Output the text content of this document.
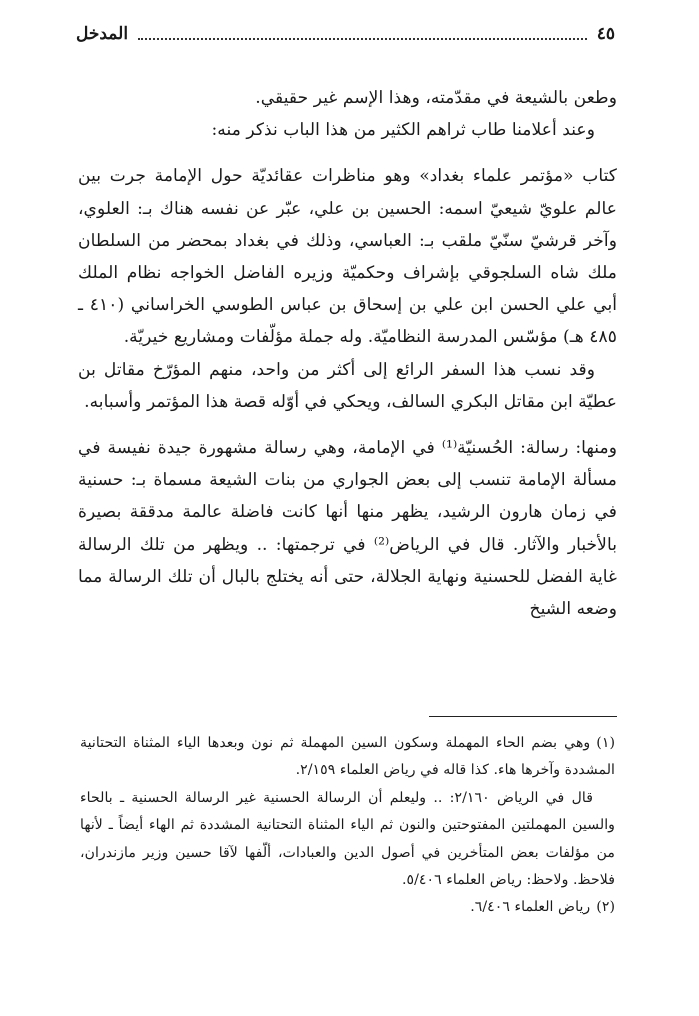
المدخل	٤٥

وطعن بالشيعة في مقدّمته، وهذا الإسم غير حقيقي.

وعند أعلامنا طاب ثراهم الكثير من هذا الباب نذكر منه:

كتاب «مؤتمر علماء بغداد» وهو مناظرات عقائديّة حول الإمامة جرت بين عالم علويّ شيعيّ اسمه: الحسين بن علي، عبّر عن نفسه هناك بـ: العلوي، وآخر قرشيّ سنّيّ ملقب بـ: العباسي، وذلك في بغداد بمحضر من السلطان ملك شاه السلجوقي بإشراف وحكميّة وزيره الفاضل الخواجه نظام الملك أبي علي الحسن ابن علي بن إسحاق بن عباس الطوسي الخراساني (٤١٠ ـ ٤٨٥ هـ) مؤسّس المدرسة النظاميّة. وله جملة مؤلّفات ومشاريع خيريّة.

وقد نسب هذا السفر الرائع إلى أكثر من واحد، منهم المؤرّخ مقاتل بن عطيّة ابن مقاتل البكري السالف، ويحكي في أوّله قصة هذا المؤتمر وأسبابه.

ومنها: رسالة: الحُسنيّة⁽¹⁾ في الإمامة، وهي رسالة مشهورة جيدة نفيسة في مسألة الإمامة تنسب إلى بعض الجواري من بنات الشيعة مسماة بـ: حسنية في زمان هارون الرشيد، يظهر منها أنها كانت فاضلة عالمة مدققة بصيرة بالأخبار والآثار. قال في الرياض⁽²⁾ في ترجمتها: .. ويظهر من تلك الرسالة غاية الفضل للحسنية ونهاية الجلالة، حتى أنه يختلج بالبال أن تلك الرسالة مما وضعه الشيخ

(١)وهي بضم الحاء المهملة وسكون السين المهملة ثم نون وبعدها الياء المثناة التحتانية المشددة وآخرها هاء. كذا قاله في رياض العلماء ٢/١٥٩.

قال في الرياض ٢/١٦٠: .. وليعلم أن الرسالة الحسنية غير الرسالة الحسنية ـ بالحاء والسين المهملتين المفتوحتين والنون ثم الياء المثناة التحتانية المشددة ثم الهاء أيضاً ـ لأنها من مؤلفات بعض المتأخرين في أصول الدين والعبادات، ألّفها لآقا حسين وزير مازندران، فلاحظ. ولاحظ: رياض العلماء ٥/٤٠٦.

(٢)رياض العلماء ٦/٤٠٦.
